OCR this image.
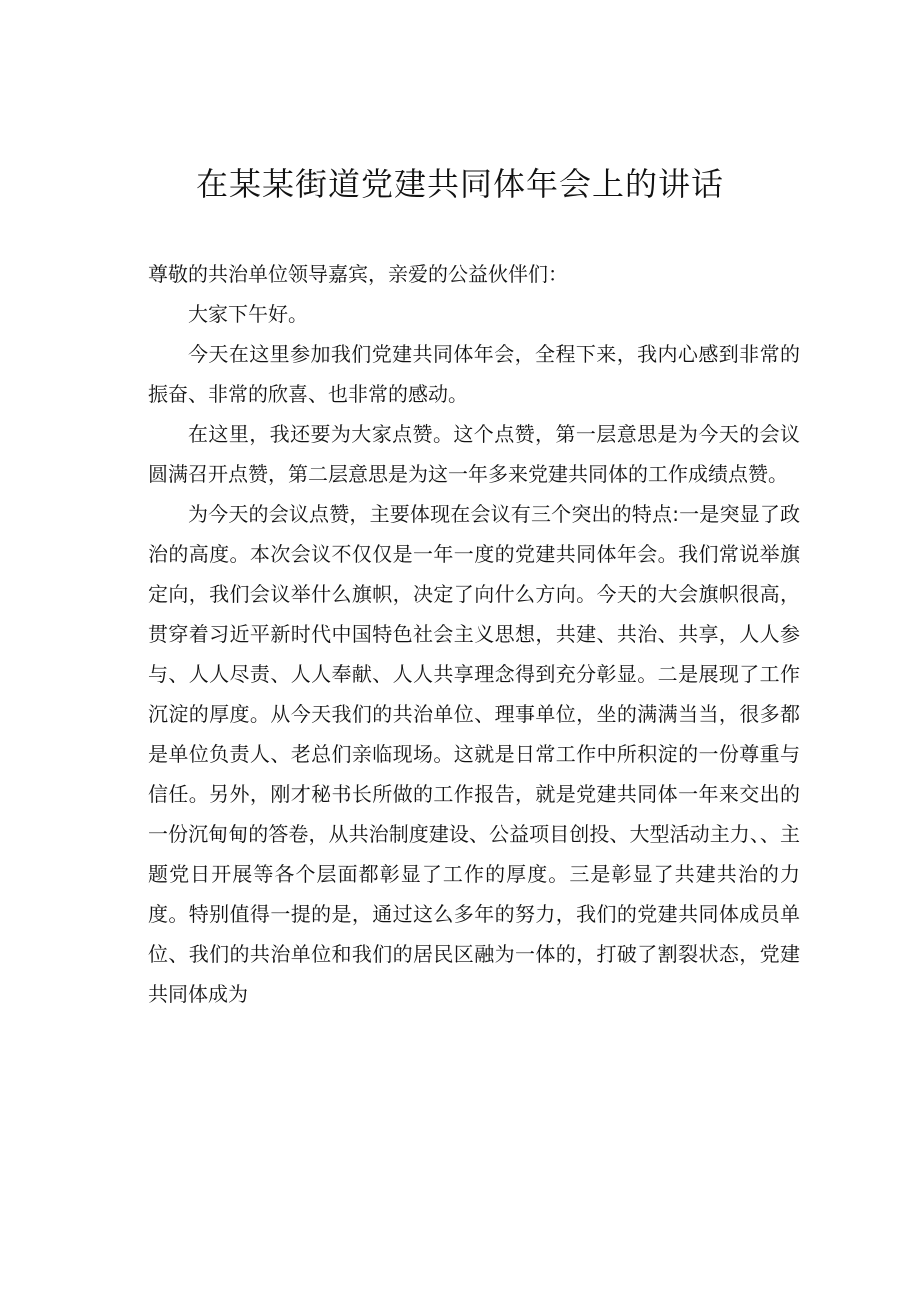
在某某街道党建共同体年会上的讲话

尊敬的共治单位领导嘉宾，亲爱的公益伙伴们：

大家下午好。

今天在这里参加我们党建共同体年会，全程下来，我内心感到非常的振奋、非常的欣喜、也非常的感动。

在这里，我还要为大家点赞。这个点赞，第一层意思是为今天的会议圆满召开点赞，第二层意思是为这一年多来党建共同体的工作成绩点赞。

为今天的会议点赞，主要体现在会议有三个突出的特点:一是突显了政治的高度。本次会议不仅仅是一年一度的党建共同体年会。我们常说举旗定向，我们会议举什么旗帜，决定了向什么方向。今天的大会旗帜很高，贯穿着习近平新时代中国特色社会主义思想，共建、共治、共享，人人参与、人人尽责、人人奉献、人人共享理念得到充分彰显。二是展现了工作沉淀的厚度。从今天我们的共治单位、理事单位，坐的满满当当，很多都是单位负责人、老总们亲临现场。这就是日常工作中所积淀的一份尊重与信任。另外，刚才秘书长所做的工作报告，就是党建共同体一年来交出的一份沉甸甸的答卷，从共治制度建设、公益项目创投、大型活动主力、、主题党日开展等各个层面都彰显了工作的厚度。三是彰显了共建共治的力度。特别值得一提的是，通过这么多年的努力，我们的党建共同体成员单位、我们的共治单位和我们的居民区融为一体的，打破了割裂状态，党建共同体成为
